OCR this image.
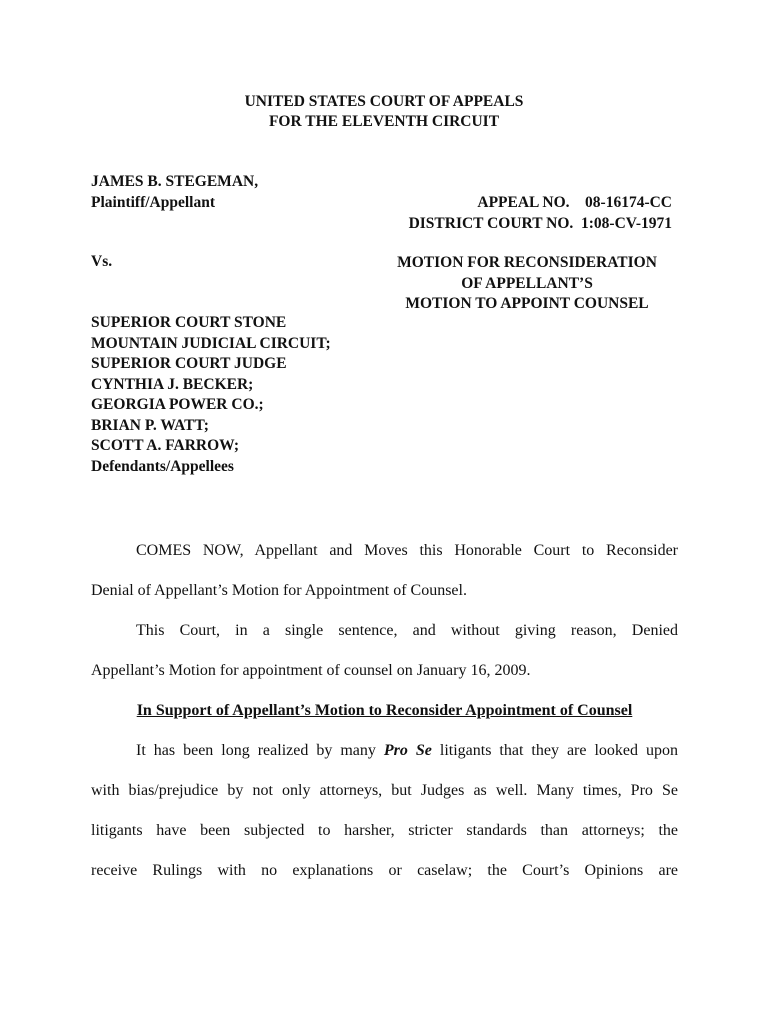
UNITED STATES COURT OF APPEALS
FOR THE ELEVENTH CIRCUIT
JAMES B. STEGEMAN,
Plaintiff/Appellant	APPEAL NO.    08-16174-CC
DISTRICT COURT NO.  1:08-CV-1971
Vs.	MOTION FOR RECONSIDERATION
OF APPELLANT’S
MOTION TO APPOINT COUNSEL
SUPERIOR COURT STONE
MOUNTAIN JUDICIAL CIRCUIT;
SUPERIOR COURT JUDGE
CYNTHIA J. BECKER;
GEORGIA POWER CO.;
BRIAN P. WATT;
SCOTT A. FARROW;
Defendants/Appellees
COMES NOW, Appellant and Moves this Honorable Court to Reconsider
Denial of Appellant’s Motion for Appointment of Counsel.
This Court, in a single sentence, and without giving reason, Denied
Appellant’s Motion for appointment of counsel on January 16, 2009.
In Support of Appellant’s Motion to Reconsider Appointment of Counsel
It has been long realized by many Pro Se litigants that they are looked upon
with bias/prejudice by not only attorneys, but Judges as well. Many times, Pro Se
litigants have been subjected to harsher, stricter standards than attorneys; the
receive Rulings with no explanations or caselaw; the Court’s Opinions are
